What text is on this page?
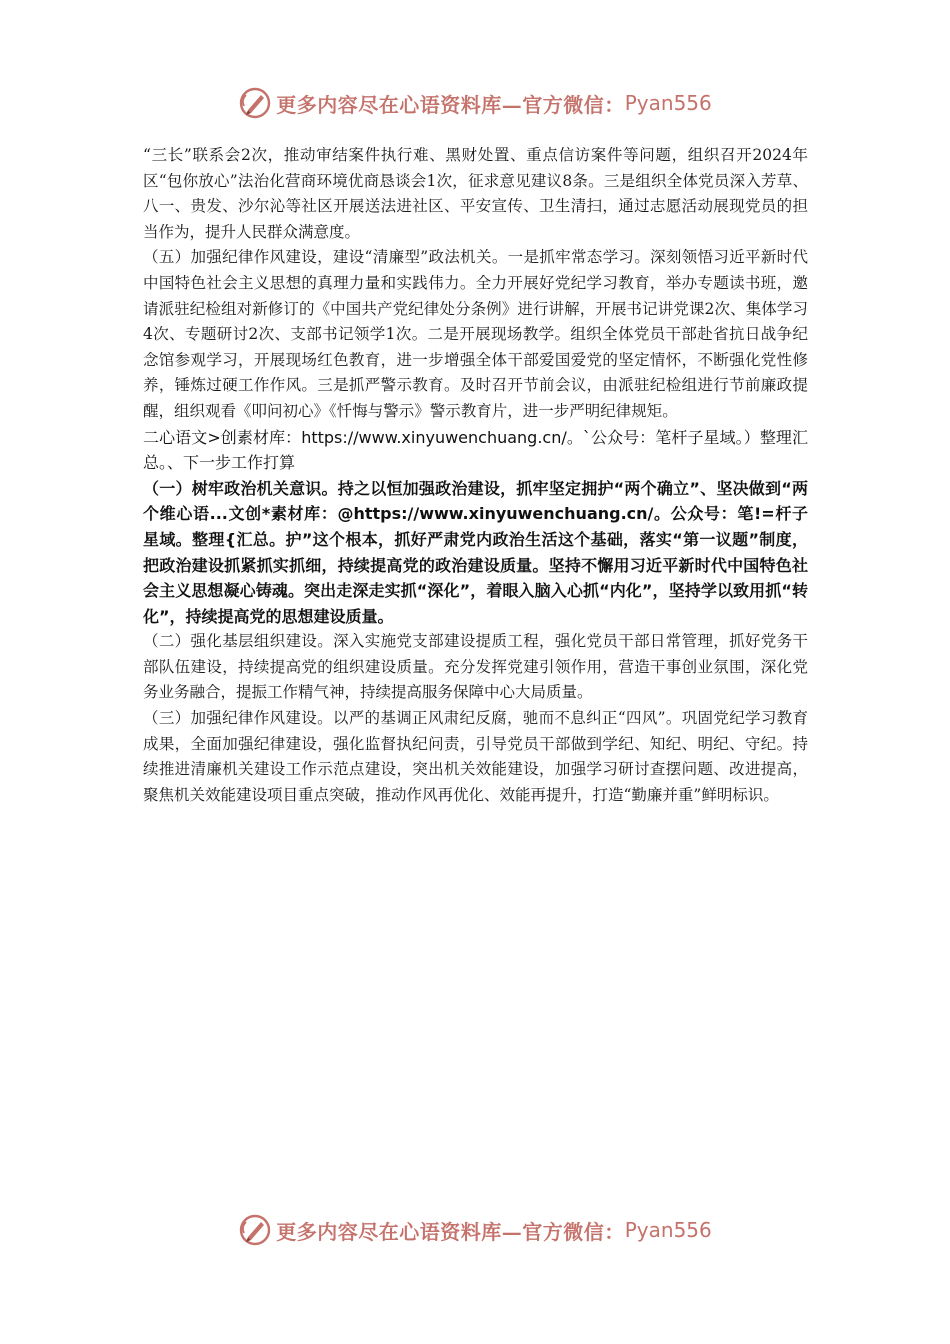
更多内容尽在心语资料库—官方微信： Pyan556

“三长”联系会2次，推动审结案件执行难、黑财处置、重点信访案件等问题，组织召开2024年区“包你放心”法治化营商环境优商恳谈会1次，征求意见建议8条。三是组织全体党员深入芳草、八一、贵发、沙尔沁等社区开展送法进社区、平安宣传、卫生清扫，通过志愿活动展现党员的担当作为，提升人民群众满意度。

（五）加强纪律作风建设，建设“清廉型”政法机关。一是抓牢常态学习。深刻领悟习近平新时代中国特色社会主义思想的真理力量和实践伟力。全力开展好党纪学习教育，举办专题读书班，邀请派驻纪检组对新修订的《中国共产党纪律处分条例》进行讲解，开展书记讲党课2次、集体学习4次、专题研讨2次、支部书记领学1次。二是开展现场教学。组织全体党员干部赴省抗日战争纪念馆参观学习，开展现场红色教育，进一步增强全体干部爱国爱党的坚定情怀，不断强化党性修养，锤炼过硬工作作风。三是抓严警示教育。及时召开节前会议，由派驻纪检组进行节前廉政提醒，组织观看《叩问初心》《忏悔与警示》警示教育片，进一步严明纪律规矩。

二心语文>创素材库：https://www.xinyuwenchuang.cn/。`公众号：笔杆子星域。）整理汇总。、下一步工作打算

（一）树牢政治机关意识。持之以恒加强政治建设，抓牢坚定拥护“两个确立”、坚决做到“两个维心语...文创*素材库：@https://www.xinyuwenchuang.cn/。公众号：笔!=杆子星域。整理{汇总。护”这个根本，抓好严肃党内政治生活这个基础，落实“第一议题”制度，把政治建设抓紧抓实抓细，持续提高党的政治建设质量。坚持不懈用习近平新时代中国特色社会主义思想凝心铸魂。突出走深走实抓“深化”，着眼入脑入心抓“内化”，坚持学以致用抓“转化”，持续提高党的思想建设质量。

（二）强化基层组织建设。深入实施党支部建设提质工程，强化党员干部日常管理，抓好党务干部队伍建设，持续提高党的组织建设质量。充分发挥党建引领作用，营造干事创业氛围，深化党务业务融合，提振工作精气神，持续提高服务保障中心大局质量。

（三）加强纪律作风建设。以严的基调正风肃纪反腐，驰而不息纠正“四风”。巩固党纪学习教育成果，全面加强纪律建设，强化监督执纪问责，引导党员干部做到学纪、知纪、明纪、守纪。持续推进清廉机关建设工作示范点建设，突出机关效能建设，加强学习研讨查摆问题、改进提高，聚焦机关效能建设项目重点突破，推动作风再优化、效能再提升，打造“勤廉并重”鲜明标识。

更多内容尽在心语资料库—官方微信： Pyan556
